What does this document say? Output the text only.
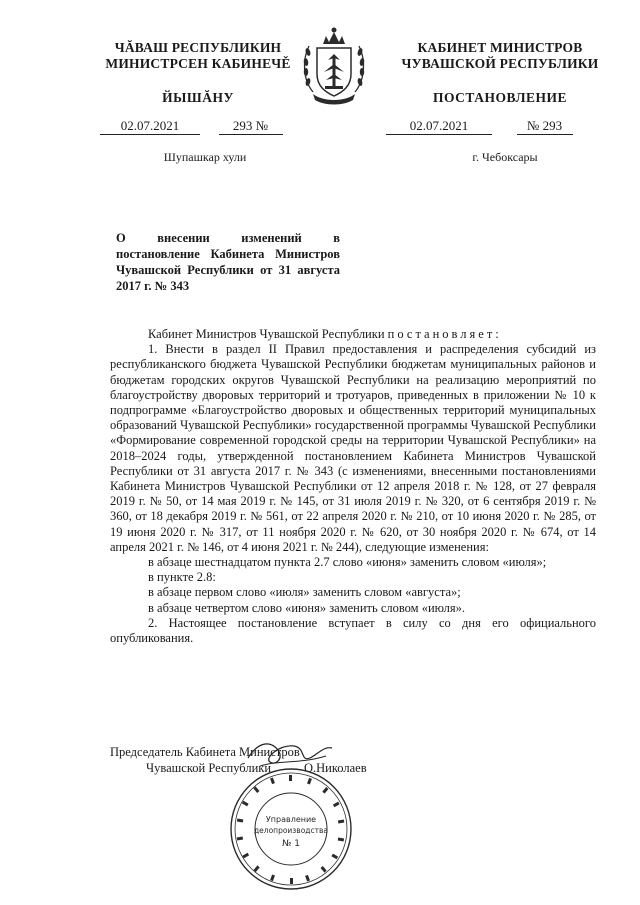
ЧĂВАШ РЕСПУБЛИКИН
МИНИСТРСЕН КАБИНЕЧĚ
ЙЫШĂНУ
КАБИНЕТ МИНИСТРОВ
ЧУВАШСКОЙ РЕСПУБЛИКИ
ПОСТАНОВЛЕНИЕ
02.07.2021	293 №	02.07.2021	№ 293
Шупашкар хули	г. Чебоксары
О внесении изменений в постановление Кабинета Министров Чувашской Республики от 31 августа 2017 г. № 343

Кабинет Министров Чувашской Республики постановляет:

1. Внести в раздел II Правил предоставления и распределения субсидий из республиканского бюджета Чувашской Республики бюджетам муниципальных районов и бюджетам городских округов Чувашской Республики на реализацию мероприятий по благоустройству дворовых территорий и тротуаров, приведенных в приложении № 10 к подпрограмме «Благоустройство дворовых и общественных территорий муниципальных образований Чувашской Республики» государственной программы Чувашской Республики «Формирование современной городской среды на территории Чувашской Республики» на 2018–2024 годы, утвержденной постановлением Кабинета Министров Чувашской Республики от 31 августа 2017 г. № 343 (с изменениями, внесенными постановлениями Кабинета Министров Чувашской Республики от 12 апреля 2018 г. № 128, от 27 февраля 2019 г. № 50, от 14 мая 2019 г. № 145, от 31 июля 2019 г. № 320, от 6 сентября 2019 г. № 360, от 18 декабря 2019 г. № 561, от 22 апреля 2020 г. № 210, от 10 июня 2020 г. № 285, от 19 июня 2020 г. № 317, от 11 ноября 2020 г. № 620, от 30 ноября 2020 г. № 674, от 14 апреля 2021 г. № 146, от 4 июня 2021 г. № 244), следующие изменения:

в абзаце шестнадцатом пункта 2.7 слово «июня» заменить словом «июля»;

в пункте 2.8:

в абзаце первом слово «июля» заменить словом «августа»;

в абзаце четвертом слово «июня» заменить словом «июля».

2. Настоящее постановление вступает в силу со дня его официального опубликования.

Председатель Кабинета Министров
Чувашской Республики	О.Николаев
Управление
делопроизводства
№ 1
